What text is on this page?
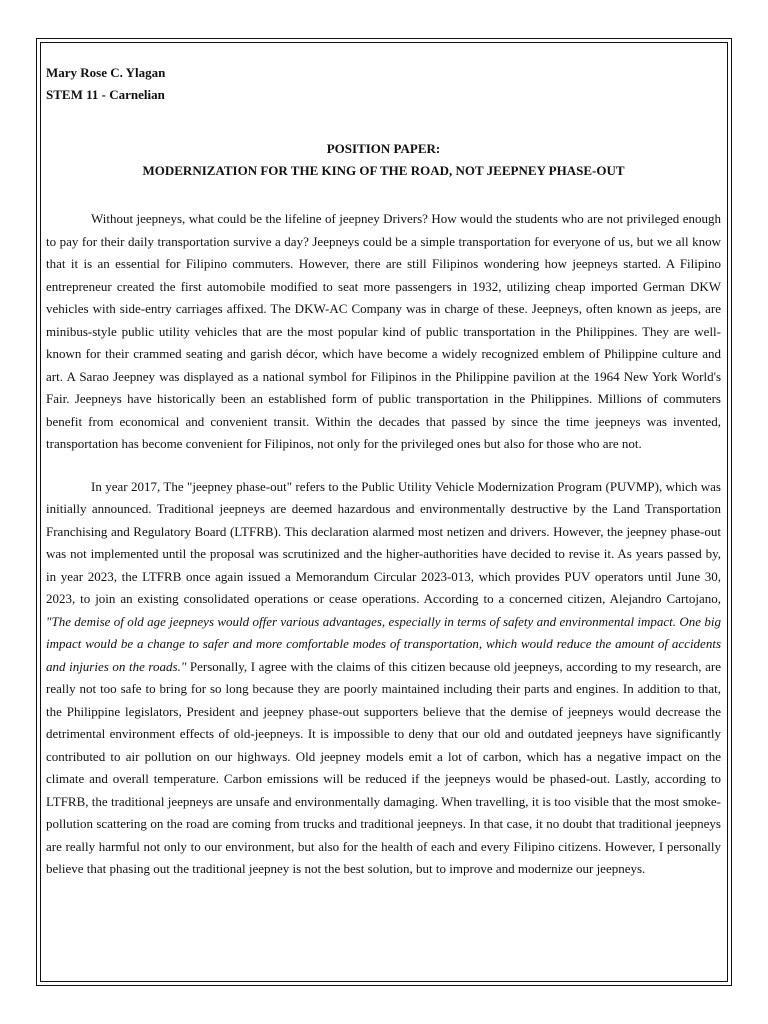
Mary Rose C. Ylagan

STEM 11 - Carnelian

POSITION PAPER:

MODERNIZATION FOR THE KING OF THE ROAD, NOT JEEPNEY PHASE-OUT

Without jeepneys, what could be the lifeline of jeepney Drivers? How would the students who are not privileged enough to pay for their daily transportation survive a day? Jeepneys could be a simple transportation for everyone of us, but we all know that it is an essential for Filipino commuters. However, there are still Filipinos wondering how jeepneys started. A Filipino entrepreneur created the first automobile modified to seat more passengers in 1932, utilizing cheap imported German DKW vehicles with side-entry carriages affixed. The DKW-AC Company was in charge of these. Jeepneys, often known as jeeps, are minibus-style public utility vehicles that are the most popular kind of public transportation in the Philippines. They are well-known for their crammed seating and garish décor, which have become a widely recognized emblem of Philippine culture and art. A Sarao Jeepney was displayed as a national symbol for Filipinos in the Philippine pavilion at the 1964 New York World's Fair. Jeepneys have historically been an established form of public transportation in the Philippines. Millions of commuters benefit from economical and convenient transit. Within the decades that passed by since the time jeepneys was invented, transportation has become convenient for Filipinos, not only for the privileged ones but also for those who are not.

In year 2017, The "jeepney phase-out" refers to the Public Utility Vehicle Modernization Program (PUVMP), which was initially announced. Traditional jeepneys are deemed hazardous and environmentally destructive by the Land Transportation Franchising and Regulatory Board (LTFRB). This declaration alarmed most netizen and drivers. However, the jeepney phase-out was not implemented until the proposal was scrutinized and the higher-authorities have decided to revise it. As years passed by, in year 2023, the LTFRB once again issued a Memorandum Circular 2023-013, which provides PUV operators until June 30, 2023, to join an existing consolidated operations or cease operations. According to a concerned citizen, Alejandro Cartojano, "The demise of old age jeepneys would offer various advantages, especially in terms of safety and environmental impact. One big impact would be a change to safer and more comfortable modes of transportation, which would reduce the amount of accidents and injuries on the roads." Personally, I agree with the claims of this citizen because old jeepneys, according to my research, are really not too safe to bring for so long because they are poorly maintained including their parts and engines. In addition to that, the Philippine legislators, President and jeepney phase-out supporters believe that the demise of jeepneys would decrease the detrimental environment effects of old-jeepneys. It is impossible to deny that our old and outdated jeepneys have significantly contributed to air pollution on our highways. Old jeepney models emit a lot of carbon, which has a negative impact on the climate and overall temperature. Carbon emissions will be reduced if the jeepneys would be phased-out. Lastly, according to LTFRB, the traditional jeepneys are unsafe and environmentally damaging. When travelling, it is too visible that the most smoke-pollution scattering on the road are coming from trucks and traditional jeepneys. In that case, it no doubt that traditional jeepneys are really harmful not only to our environment, but also for the health of each and every Filipino citizens. However, I personally believe that phasing out the traditional jeepney is not the best solution, but to improve and modernize our jeepneys.
